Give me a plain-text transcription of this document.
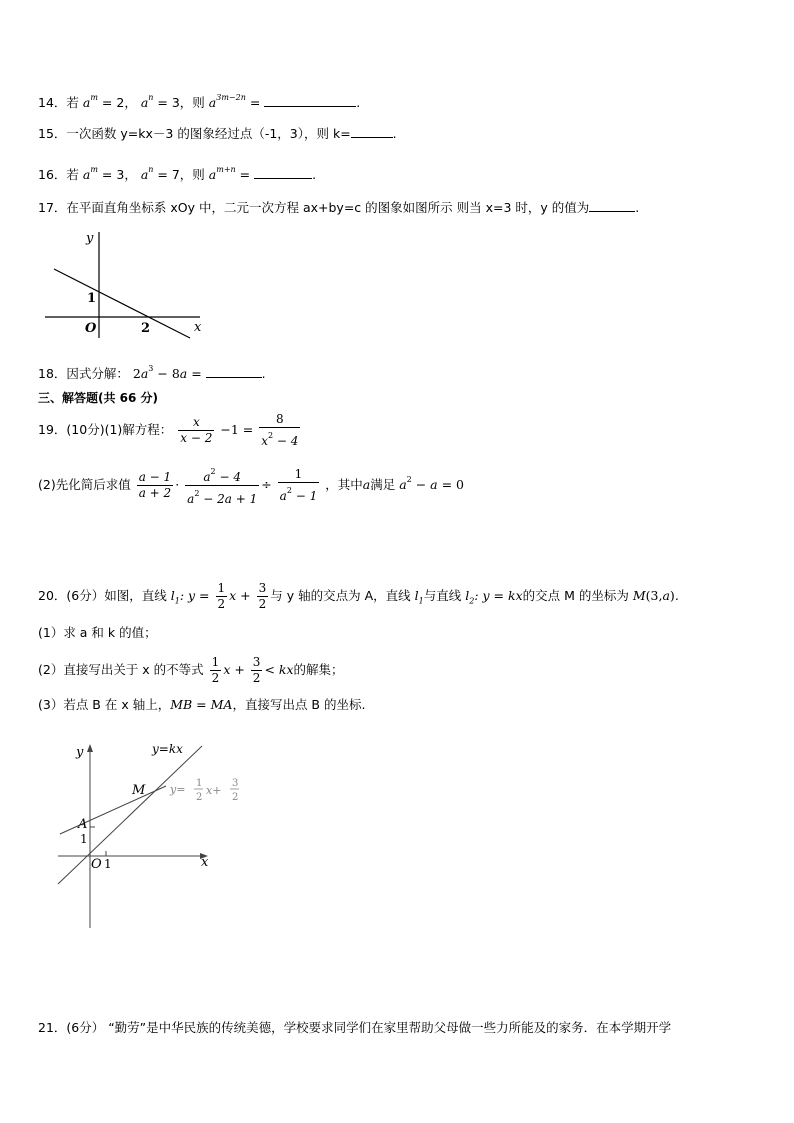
14．若 $a^m = 2$， $a^n = 3$，则 $a^{3m-2n}$ =	.
15．一次函数 y=kx－3 的图象经过点（-1，3），则 k=	.
16．若 $a^m = 3$， $a^n = 7$，则 $a^{m+n}$ =	.
17．在平面直角坐标系 xOy 中，二元一次方程 ax+by=c 的图象如图所示 则当 x=3 时，y 的值为	.
y
x
O
1
2
18．因式分解： $2a^3 - 8a$ =	.
三、解答题(共 66 分)
19．(10分)(1)解方程： $\frac{x}{x - 2} -1 = \frac{8}{x^2 - 4}$
(2)先化简后求值 $\frac{a - 1}{a + 2} \cdot \frac{a^2 - 4}{a^2 - 2a + 1} \div \frac{1}{a^2 - 1}$ ，其中a满足 $a^2 - a = 0$
20．(6分）如图，直线 $l_1$: $y = \frac{1}{2}$ $x + \frac{3}{2}$ 与 y 轴的交点为 A，直线 $l_1$与直线 $l_2$: y = kx的交点 M 的坐标为 M(3,a).
(1）求 a 和 k 的值；
(2）直接写出关于 x 的不等式 $\frac{1}{2}$ $x + \frac{3}{2}$ < kx的解集；
(3）若点 B 在 x 轴上，MB = MA，直接写出点 B 的坐标.
y
x
O 1
1
A
M
y=kx
y= 1
2
x+
3
2
21．(6分） “勤劳”是中华民族的传统美德，学校要求同学们在家里帮助父母做一些力所能及的家务．在本学期开学
